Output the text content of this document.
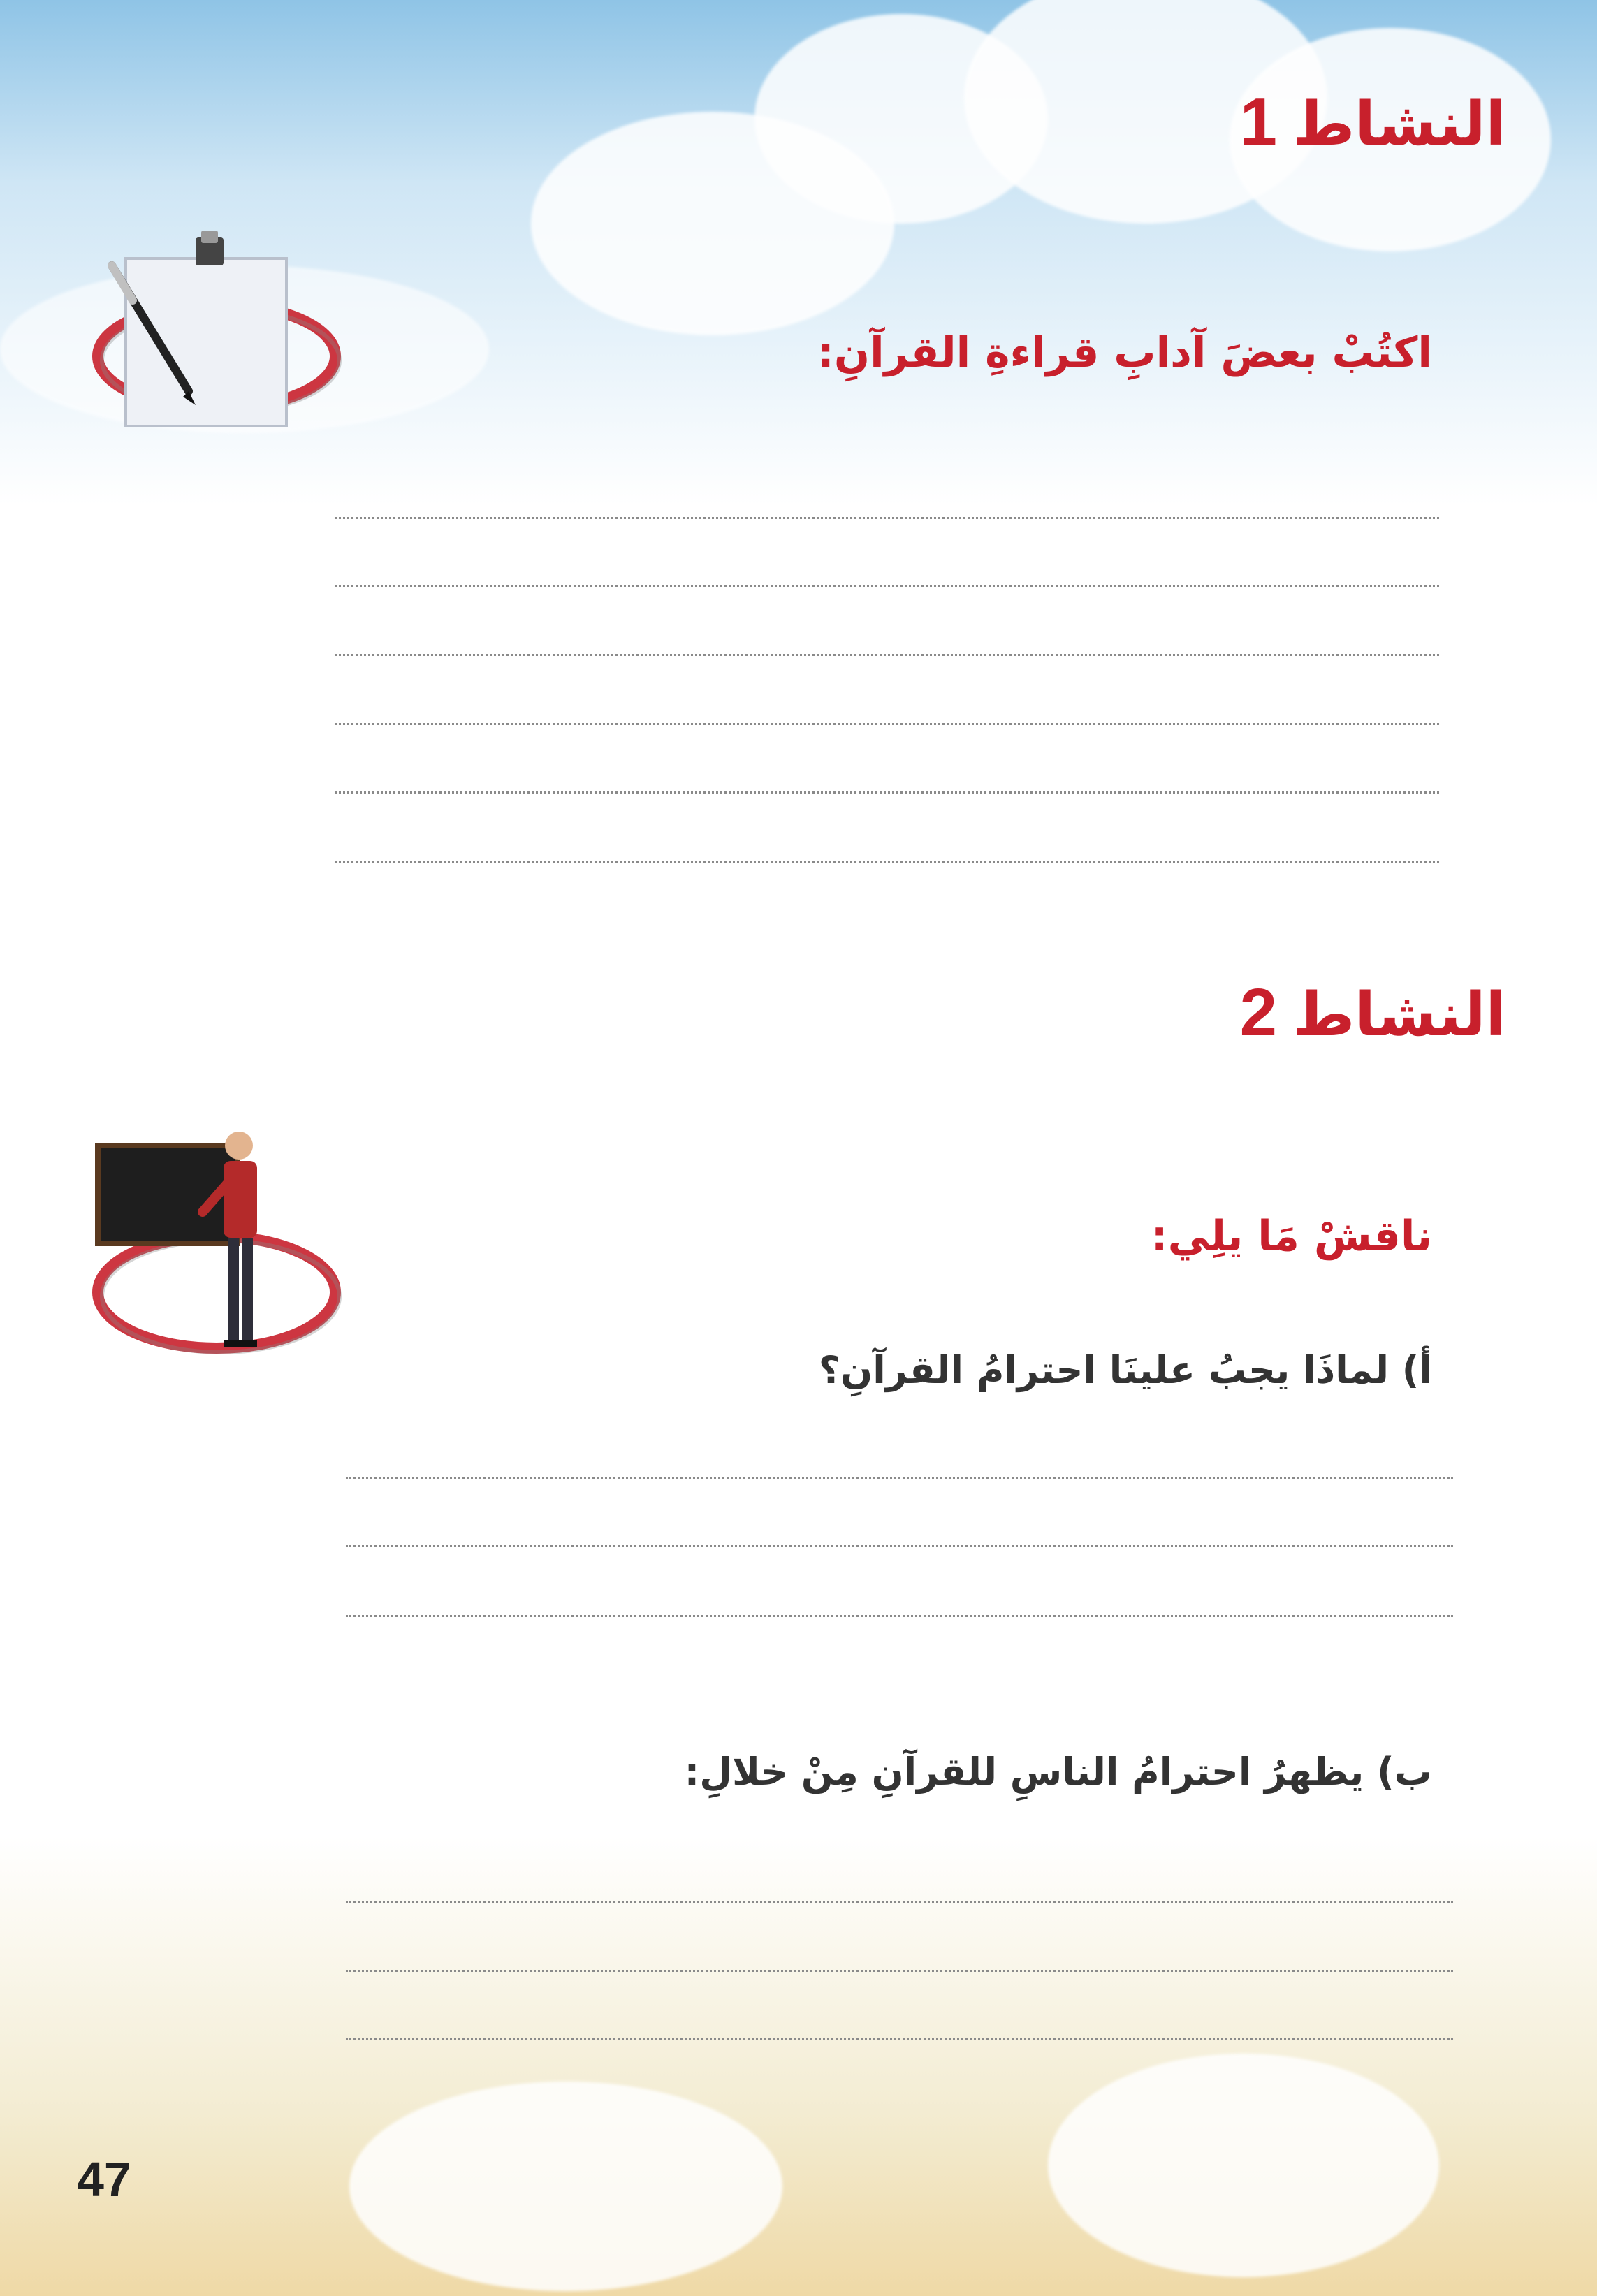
النشاط1
اكتُبْ بعضَ آدابِ قراءةِ القرآنِ:
النشاط2
ناقشْ مَا يلِي:
أ) لماذَا يجبُ علينَا احترامُ القرآنِ؟
ب) يظهرُ احترامُ الناسِ للقرآنِ مِنْ خلالِ:
47
